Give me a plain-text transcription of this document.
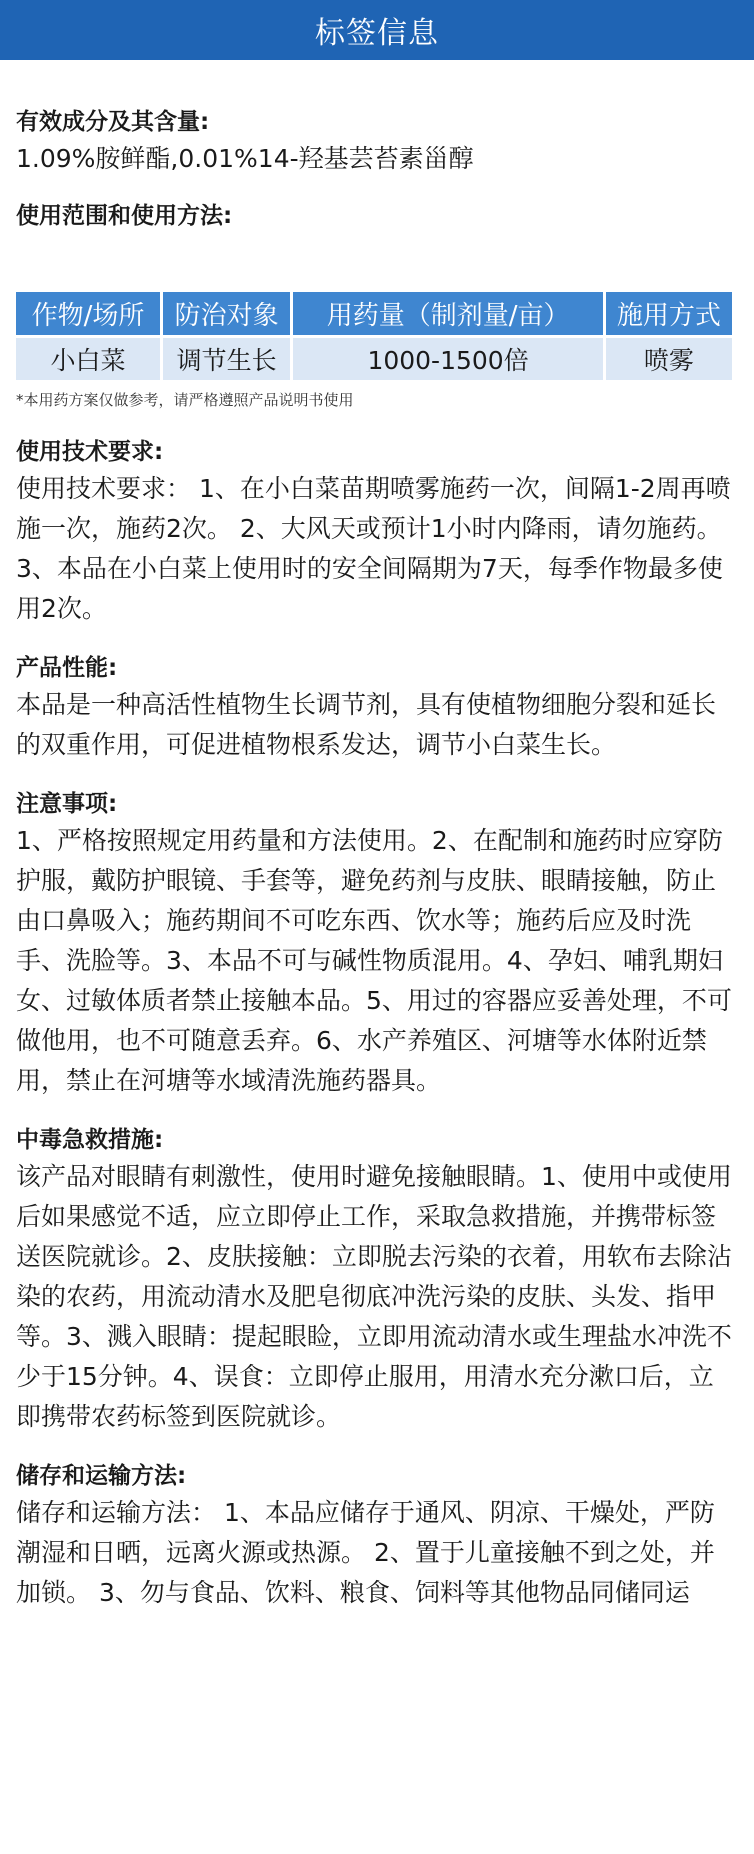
标签信息

有效成分及其含量:

1.09%胺鲜酯,0.01%14-羟基芸苔素甾醇

使用范围和使用方法:

作物/场所	防治对象	用药量（制剂量/亩）	施用方式
小白菜	调节生长	1000-1500倍	喷雾
*本用药方案仅做参考，请严格遵照产品说明书使用

使用技术要求:

使用技术要求： 1、在小白菜苗期喷雾施药一次，间隔1-2周再喷施一次，施药2次。 2、大风天或预计1小时内降雨，请勿施药。 3、本品在小白菜上使用时的安全间隔期为7天，每季作物最多使用2次。

产品性能:

本品是一种高活性植物生长调节剂，具有使植物细胞分裂和延长的双重作用，可促进植物根系发达，调节小白菜生长。

注意事项:

1、严格按照规定用药量和方法使用。2、在配制和施药时应穿防护服，戴防护眼镜、手套等，避免药剂与皮肤、眼睛接触，防止由口鼻吸入；施药期间不可吃东西、饮水等；施药后应及时洗手、洗脸等。3、本品不可与碱性物质混用。4、孕妇、哺乳期妇女、过敏体质者禁止接触本品。5、用过的容器应妥善处理，不可做他用，也不可随意丢弃。6、水产养殖区、河塘等水体附近禁用，禁止在河塘等水域清洗施药器具。

中毒急救措施:

该产品对眼睛有刺激性，使用时避免接触眼睛。1、使用中或使用后如果感觉不适，应立即停止工作，采取急救措施，并携带标签送医院就诊。2、皮肤接触：立即脱去污染的衣着，用软布去除沾染的农药，用流动清水及肥皂彻底冲洗污染的皮肤、头发、指甲等。3、溅入眼睛：提起眼睑，立即用流动清水或生理盐水冲洗不少于15分钟。4、误食：立即停止服用，用清水充分漱口后，立即携带农药标签到医院就诊。

储存和运输方法:

储存和运输方法： 1、本品应储存于通风、阴凉、干燥处，严防潮湿和日晒，远离火源或热源。 2、置于儿童接触不到之处，并加锁。 3、勿与食品、饮料、粮食、饲料等其他物品同储同运
